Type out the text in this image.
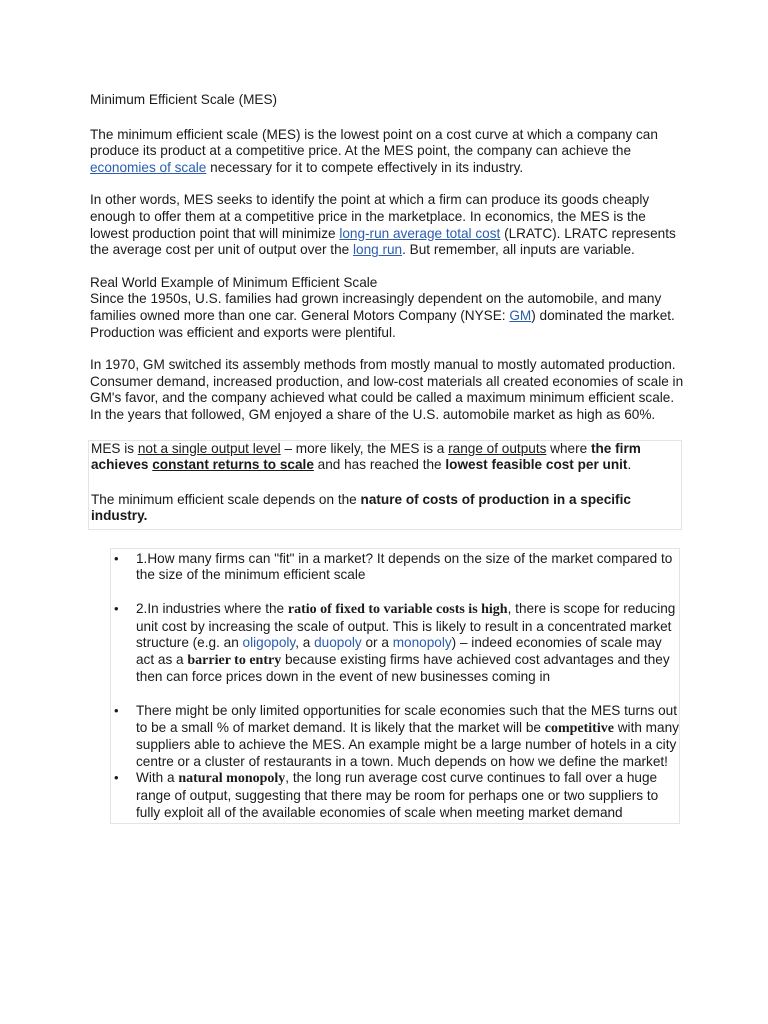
Minimum Efficient Scale (MES)

The minimum efficient scale (MES) is the lowest point on a cost curve at which a company can produce its product at a competitive price. At the MES point, the company can achieve the economies of scale necessary for it to compete effectively in its industry.

In other words, MES seeks to identify the point at which a firm can produce its goods cheaply enough to offer them at a competitive price in the marketplace. In economics, the MES is the lowest production point that will minimize long-run average total cost (LRATC). LRATC represents the average cost per unit of output over the long run. But remember, all inputs are variable.

Real World Example of Minimum Efficient Scale

Since the 1950s, U.S. families had grown increasingly dependent on the automobile, and many families owned more than one car. General Motors Company (NYSE: GM) dominated the market. Production was efficient and exports were plentiful.

In 1970, GM switched its assembly methods from mostly manual to mostly automated production. Consumer demand, increased production, and low-cost materials all created economies of scale in GM's favor, and the company achieved what could be called a maximum minimum efficient scale. In the years that followed, GM enjoyed a share of the U.S. automobile market as high as 60%.

MES is not a single output level – more likely, the MES is a range of outputs where the firm achieves constant returns to scale and has reached the lowest feasible cost per unit.

The minimum efficient scale depends on the nature of costs of production in a specific industry.

• 1.How many firms can "fit" in a market? It depends on the size of the market compared to the size of the minimum efficient scale
• 2.In industries where the ratio of fixed to variable costs is high, there is scope for reducing unit cost by increasing the scale of output. This is likely to result in a concentrated market structure (e.g. an oligopoly, a duopoly or a monopoly) – indeed economies of scale may act as a barrier to entry because existing firms have achieved cost advantages and they then can force prices down in the event of new businesses coming in
• There might be only limited opportunities for scale economies such that the MES turns out to be a small % of market demand. It is likely that the market will be competitive with many suppliers able to achieve the MES. An example might be a large number of hotels in a city centre or a cluster of restaurants in a town. Much depends on how we define the market!
• With a natural monopoly, the long run average cost curve continues to fall over a huge range of output, suggesting that there may be room for perhaps one or two suppliers to fully exploit all of the available economies of scale when meeting market demand
